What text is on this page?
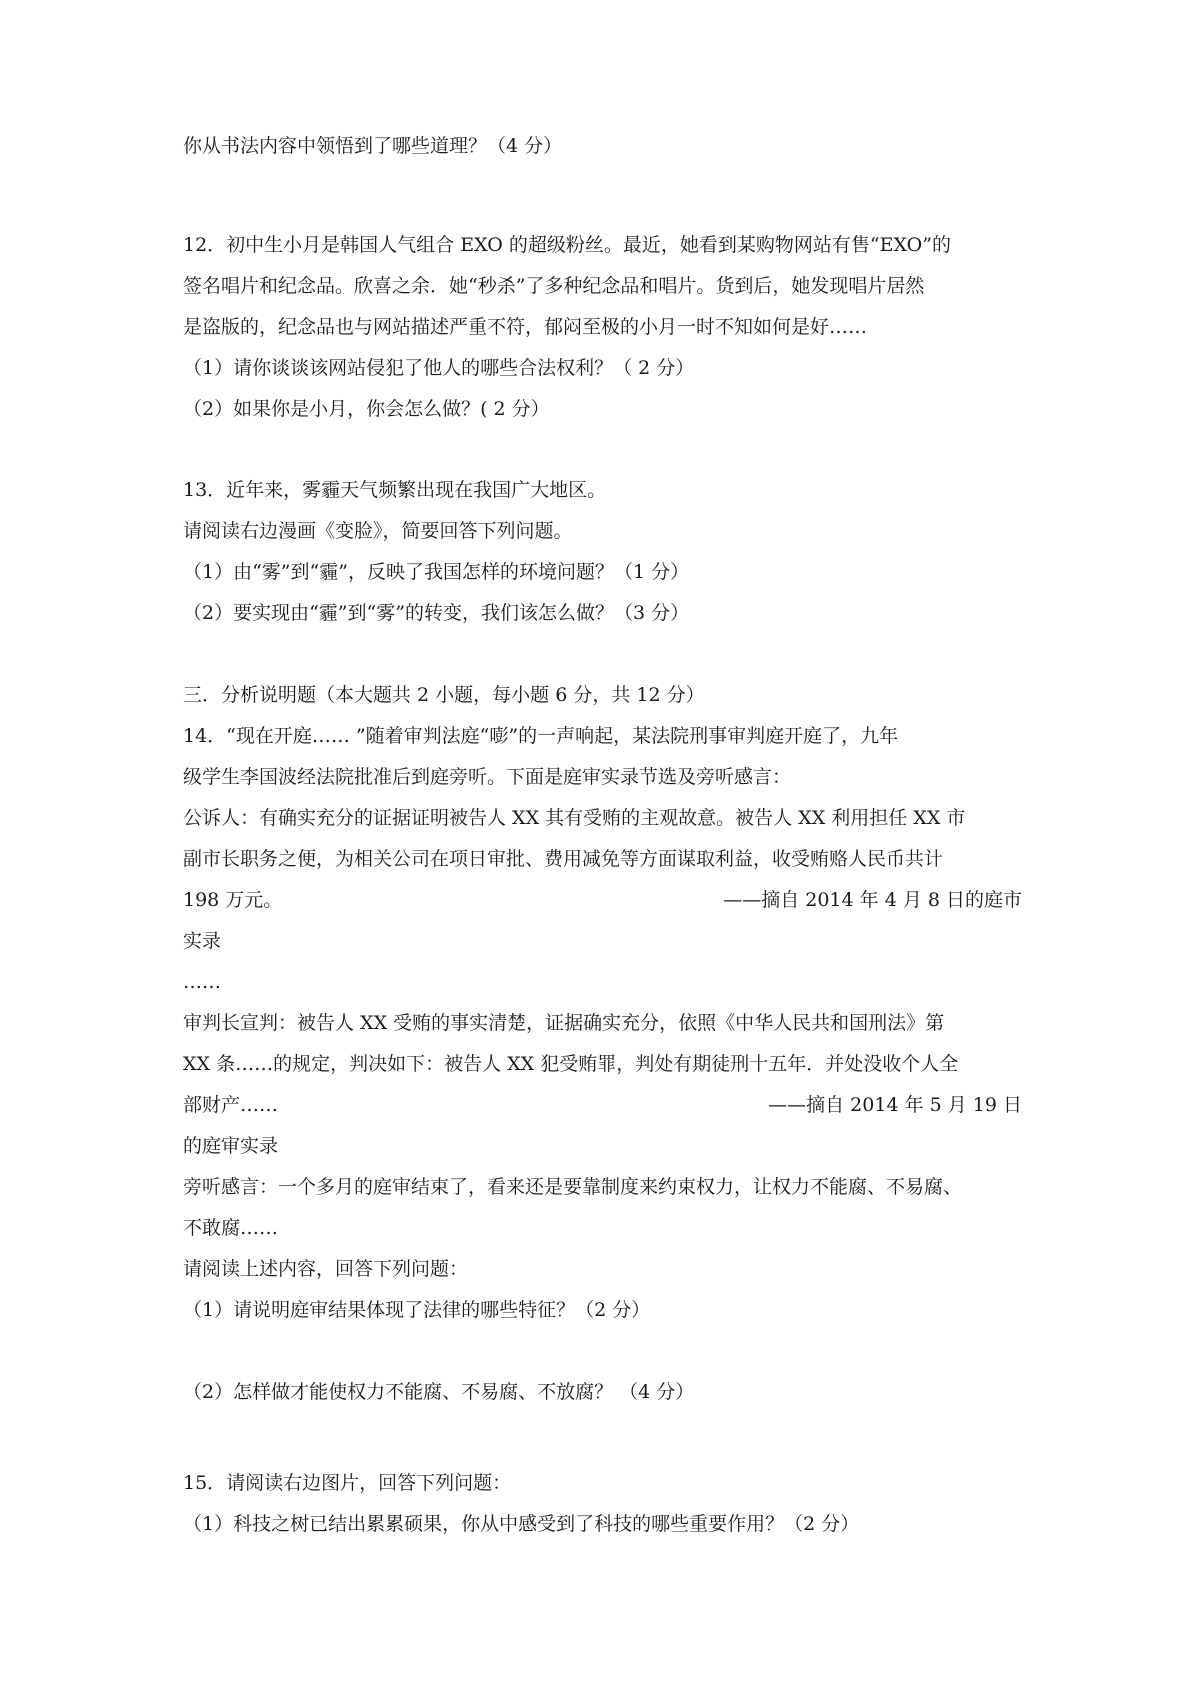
你从书法内容中领悟到了哪些道理？（4 分）
12．初中生小月是韩国人气组合 EXO 的超级粉丝。最近，她看到某购物网站有售“EXO”的
签名唱片和纪念品。欣喜之余．她“秒杀”了多种纪念品和唱片。货到后，她发现唱片居然
是盗版的，纪念品也与网站描述严重不符，郁闷至极的小月一时不知如何是好……
（1）请你谈谈该网站侵犯了他人的哪些合法权利？（ 2 分）
（2）如果你是小月，你会怎么做？( 2 分）
13．近年来，雾霾天气频繁出现在我国广大地区。
请阅读右边漫画《变脸》，简要回答下列问题。
（1）由“雾”到“霾”，反映了我国怎样的环境问题？（1 分）
（2）要实现由“霾”到“雾”的转变，我们该怎么做？（3 分）
三．分析说明题（本大题共 2 小题，每小题 6 分，共 12 分）
14．“现在开庭…… ”随着审判法庭“嘭”的一声响起，某法院刑事审判庭开庭了，九年
级学生李国波经法院批准后到庭旁听。下面是庭审实录节选及旁听感言：
公诉人：有确实充分的证据证明被告人 XX 其有受贿的主观故意。被告人 XX 利用担任 XX 市
副市长职务之便，为相关公司在项日审批、费用减免等方面谋取利益，收受贿赂人民币共计
198 万元。	——摘自 2014 年 4 月 8 日的庭市
实录
……
审判长宣判：被告人 XX 受贿的事实清楚，证据确实充分，依照《中华人民共和国刑法》第
XX 条……的规定，判决如下：被告人 XX 犯受贿罪，判处有期徒刑十五年．并处没收个人全
部财产……	——摘自 2014 年 5 月 19 日
的庭审实录
旁听感言：一个多月的庭审结束了，看来还是要靠制度来约束权力，让权力不能腐、不易腐、
不敢腐……
请阅读上述内容，回答下列问题：
（1）请说明庭审结果体现了法律的哪些特征？（2 分）
（2）怎样做才能使权力不能腐、不易腐、不放腐？ （4 分）
15．请阅读右边图片，回答下列问题：
（1）科技之树已结出累累硕果，你从中感受到了科技的哪些重要作用？（2 分）
